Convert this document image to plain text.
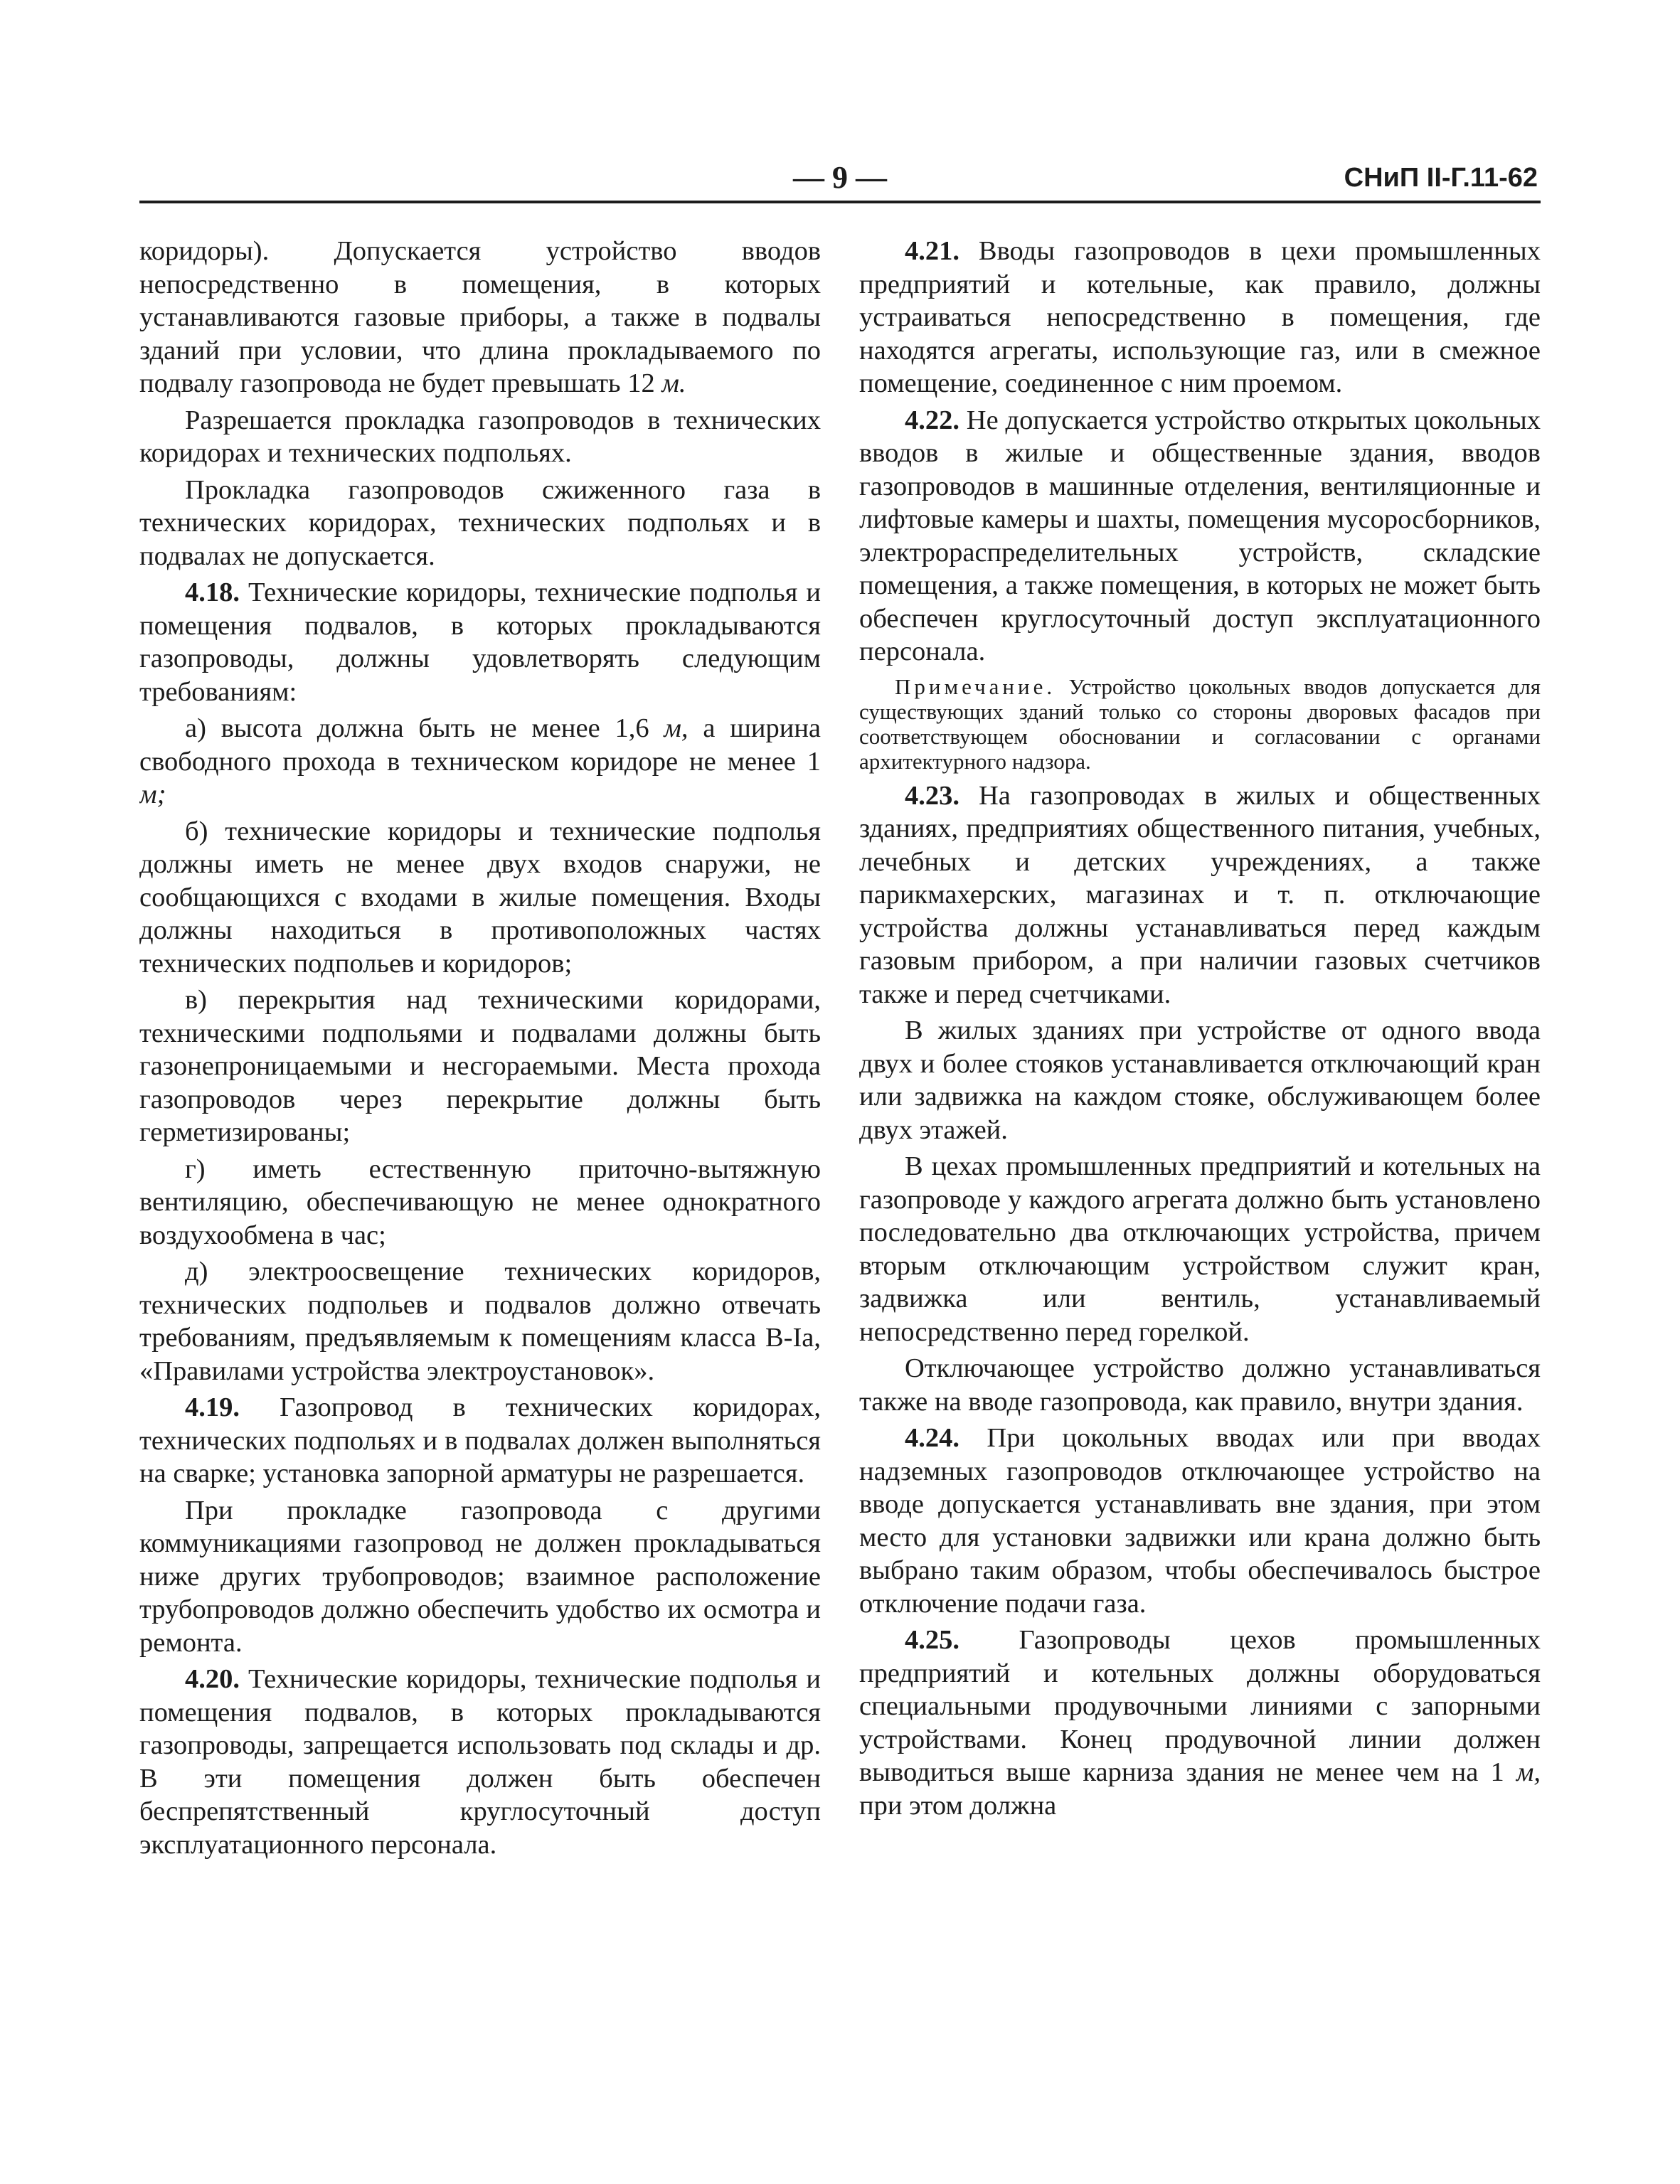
— 9 —	СНиП II-Г.11-62

коридоры). Допускается устройство вводов непосредственно в помещения, в которых устанавливаются газовые приборы, а также в подвалы зданий при условии, что длина прокладываемого по подвалу газопровода не будет превышать 12 м.

Разрешается прокладка газопроводов в технических коридорах и технических подпольях.

Прокладка газопроводов сжиженного газа в технических коридорах, технических подпольях и в подвалах не допускается.

4.18. Технические коридоры, технические подполья и помещения подвалов, в которых прокладываются газопроводы, должны удовлетворять следующим требованиям:

а) высота должна быть не менее 1,6 м, а ширина свободного прохода в техническом коридоре не менее 1 м;

б) технические коридоры и технические подполья должны иметь не менее двух входов снаружи, не сообщающихся с входами в жилые помещения. Входы должны находиться в противоположных частях технических подпольев и коридоров;

в) перекрытия над техническими коридорами, техническими подпольями и подвалами должны быть газонепроницаемыми и несгораемыми. Места прохода газопроводов через перекрытие должны быть герметизированы;

г) иметь естественную приточно-вытяжную вентиляцию, обеспечивающую не менее однократного воздухообмена в час;

д) электроосвещение технических коридоров, технических подпольев и подвалов должно отвечать требованиям, предъявляемым к помещениям класса В-Iа, «Правилами устройства электроустановок».

4.19. Газопровод в технических коридорах, технических подпольях и в подвалах должен выполняться на сварке; установка запорной арматуры не разрешается.

При прокладке газопровода с другими коммуникациями газопровод не должен прокладываться ниже других трубопроводов; взаимное расположение трубопроводов должно обеспечить удобство их осмотра и ремонта.

4.20. Технические коридоры, технические подполья и помещения подвалов, в которых прокладываются газопроводы, запрещается использовать под склады и др. В эти помещения должен быть обеспечен беспрепятственный круглосуточный доступ эксплуатационного персонала.

4.21. Вводы газопроводов в цехи промышленных предприятий и котельные, как правило, должны устраиваться непосредственно в помещения, где находятся агрегаты, использующие газ, или в смежное помещение, соединенное с ним проемом.

4.22. Не допускается устройство открытых цокольных вводов в жилые и общественные здания, вводов газопроводов в машинные отделения, вентиляционные и лифтовые камеры и шахты, помещения мусоросборников, электрораспределительных устройств, складские помещения, а также помещения, в которых не может быть обеспечен круглосуточный доступ эксплуатационного персонала.

Примечание. Устройство цокольных вводов допускается для существующих зданий только со стороны дворовых фасадов при соответствующем обосновании и согласовании с органами архитектурного надзора.

4.23. На газопроводах в жилых и общественных зданиях, предприятиях общественного питания, учебных, лечебных и детских учреждениях, а также парикмахерских, магазинах и т. п. отключающие устройства должны устанавливаться перед каждым газовым прибором, а при наличии газовых счетчиков также и перед счетчиками.

В жилых зданиях при устройстве от одного ввода двух и более стояков устанавливается отключающий кран или задвижка на каждом стояке, обслуживающем более двух этажей.

В цехах промышленных предприятий и котельных на газопроводе у каждого агрегата должно быть установлено последовательно два отключающих устройства, причем вторым отключающим устройством служит кран, задвижка или вентиль, устанавливаемый непосредственно перед горелкой.

Отключающее устройство должно устанавливаться также на вводе газопровода, как правило, внутри здания.

4.24. При цокольных вводах или при вводах надземных газопроводов отключающее устройство на вводе допускается устанавливать вне здания, при этом место для установки задвижки или крана должно быть выбрано таким образом, чтобы обеспечивалось быстрое отключение подачи газа.

4.25. Газопроводы цехов промышленных предприятий и котельных должны оборудоваться специальными продувочными линиями с запорными устройствами. Конец продувочной линии должен выводиться выше карниза здания не менее чем на 1 м, при этом должна
